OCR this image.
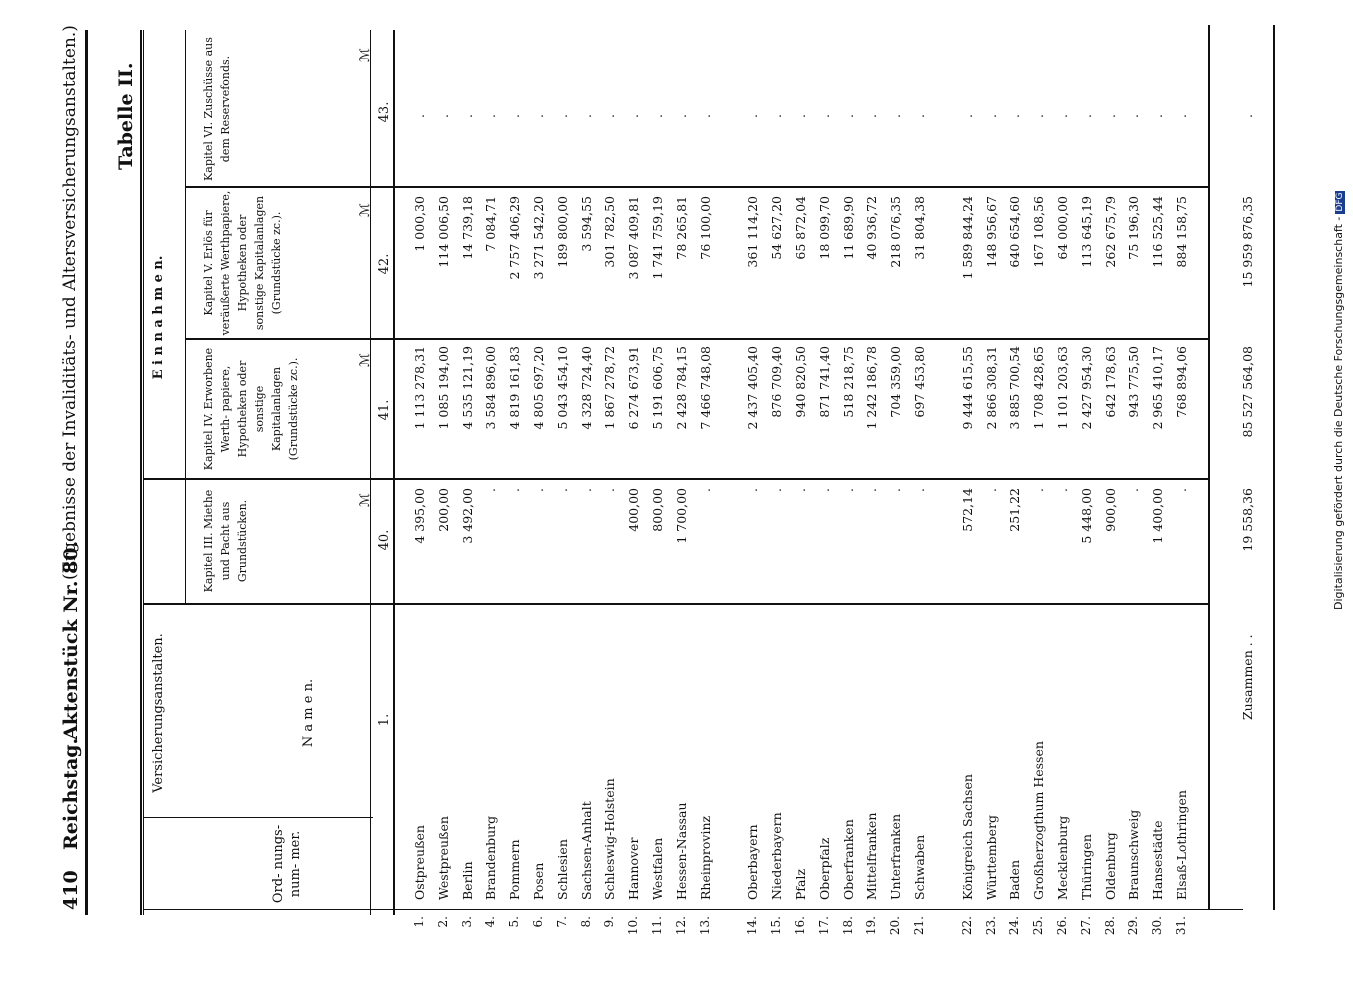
410
Reichstag.
Aktenstück Nr. 80.
(Ergebnisse der Invaliditäts- und Altersversicherungsanstalten.) Tabelle II.
Ord- nungs- num- mer.
Versicherungsanstalten.	N a m e n.
E i n n a h m e n.
Kapitel III. Miethe und Pacht aus Grundstücken.
Kapitel IV. Erworbene Werth- papiere, Hypotheken oder sonstige Kapitalanlagen (Grundstücke zc.).
Kapitel V. Erlös für veräußerte Werthpapiere, Hypotheken oder sonstige Kapitalanlagen (Grundstücke zc.).
Kapitel VI. Zuschüsse aus dem Reservefonds.
1.
40.
41.
42.
43.
ℳ
ℳ
ℳ
ℳ
1.
Ostpreußen
4 395,00
1 113 278,31
1 000,30
.
2.
Westpreußen
200,00
1 085 194,00
114 006,50
.
3.
Berlin
3 492,00
4 535 121,19
14 739,18
.
4.
Brandenburg
.
3 584 896,00
7 084,71
.
5.
Pommern
.
4 819 161,83
2 757 406,29
.
6.
Posen
.
4 805 697,20
3 271 542,20
.
7.
Schlesien
.
5 043 454,10
189 800,00
.
8.
Sachsen-Anhalt
.
4 328 724,40
3 594,55
.
9.
Schleswig-Holstein
.
1 867 278,72
301 782,50
.
10.
Hannover
400,00
6 274 673,91
3 087 409,81
.
11.
Westfalen
800,00
5 191 606,75
1 741 759,19
.
12.
Hessen-Nassau
1 700,00
2 428 784,15
78 265,81
.
13.
Rheinprovinz
.
7 466 748,08
76 100,00
.
14.
Oberbayern
.
2 437 405,40
361 114,20
.
15.
Niederbayern
.
876 709,40
54 627,20
.
16.
Pfalz
.
940 820,50
65 872,04
.
17.
Oberpfalz
.
871 741,40
18 099,70
.
18.
Oberfranken
.
518 218,75
11 689,90
.
19.
Mittelfranken
.
1 242 186,78
40 936,72
.
20.
Unterfranken
.
704 359,00
218 076,35
.
21.
Schwaben
.
697 453,80
31 804,38
.
22.
Königreich Sachsen
572,14
9 444 615,55
1 589 844,24
.
23.
Württemberg
.
2 866 308,31
148 956,67
.
24.
Baden
251,22
3 885 700,54
640 654,60
.
25.
Großherzogthum Hessen
.
1 708 428,65
167 108,56
.
26.
Mecklenburg
.
1 101 203,63
64 000,00
.
27.
Thüringen
5 448,00
2 427 954,30
113 645,19
.
28.
Oldenburg
900,00
642 178,63
262 675,79
.
29.
Braunschweig
.
943 775,50
75 196,30
.
30.
Hansestädte
1 400,00
2 965 410,17
116 525,44
.
31.
Elsaß-Lothringen
.
768 894,06
884 158,75
.
Zusammen . .
19 558,36
85 527 564,08
15 959 876,35
.
Digitalisierung gefördert durch die Deutsche Forschungsgemeinschaft -DFG
